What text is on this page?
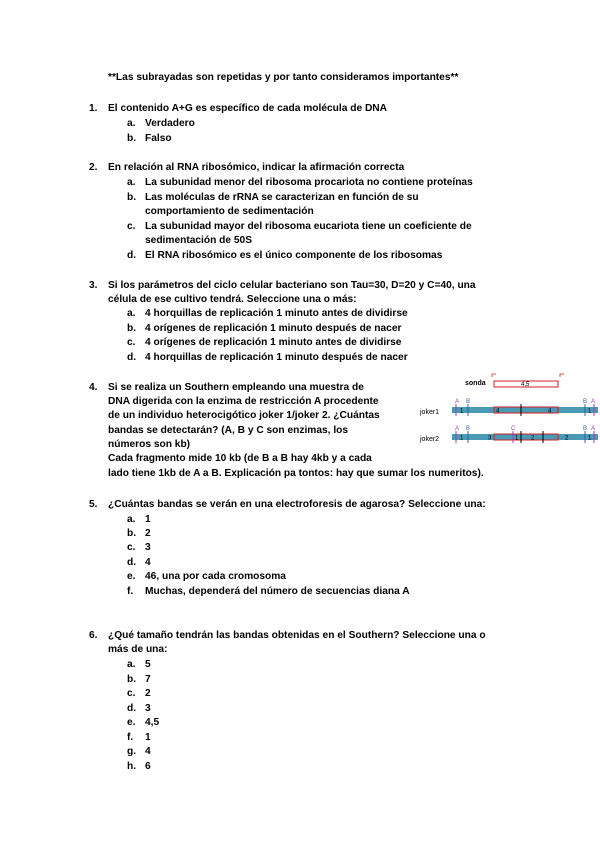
**Las subrayadas son repetidas y por tanto consideramos importantes**
1. El contenido A+G es específico de cada molécula de DNA
a. Verdadero
b. Falso
2. En relación al RNA ribosómico, indicar la afirmación correcta
a. La subunidad menor del ribosoma procariota no contiene proteínas
b. Las moléculas de rRNA se caracterizan en función de su
comportamiento de sedimentación
c. La subunidad mayor del ribosoma eucariota tiene un coeficiente de
sedimentación de 50S
d. El RNA ribosómico es el único componente de los ribosomas
3. Si los parámetros del ciclo celular bacteriano son Tau=30, D=20 y C=40, una
célula de ese cultivo tendrá. Seleccione una o más:
a. 4 horquillas de replicación 1 minuto antes de dividirse
b. 4 orígenes de replicación 1 minuto después de nacer
c. 4 orígenes de replicación 1 minuto antes de dividirse
d. 4 horquillas de replicación 1 minuto después de nacer
4. Si se realiza un Southern empleando una muestra de
DNA digerida con la enzima de restricción A procedente
de un individuo heterocigótico joker 1/joker 2. ¿Cuántas
bandas se detectarán? (A, B y C son enzimas, los
números son kb)
Cada fragmento mide 10 kb (de B a B hay 4kb y a cada
lado tiene 1kb de A a B. Explicación pa tontos: hay que sumar los numeritos).
sonda	4,5
joker1
A B	B A
1	4	4	1
joker2
A B	C	B A
1	3	1 2	2	1
5. ¿Cuántas bandas se verán en una electroforesis de agarosa? Seleccione una:
a. 1
b. 2
c. 3
d. 4
e. 46, una por cada cromosoma
f. Muchas, dependerá del número de secuencias diana A
6. ¿Qué tamaño tendrán las bandas obtenidas en el Southern? Seleccione una o
más de una:
a. 5
b. 7
c. 2
d. 3
e. 4,5
f. 1
g. 4
h. 6
